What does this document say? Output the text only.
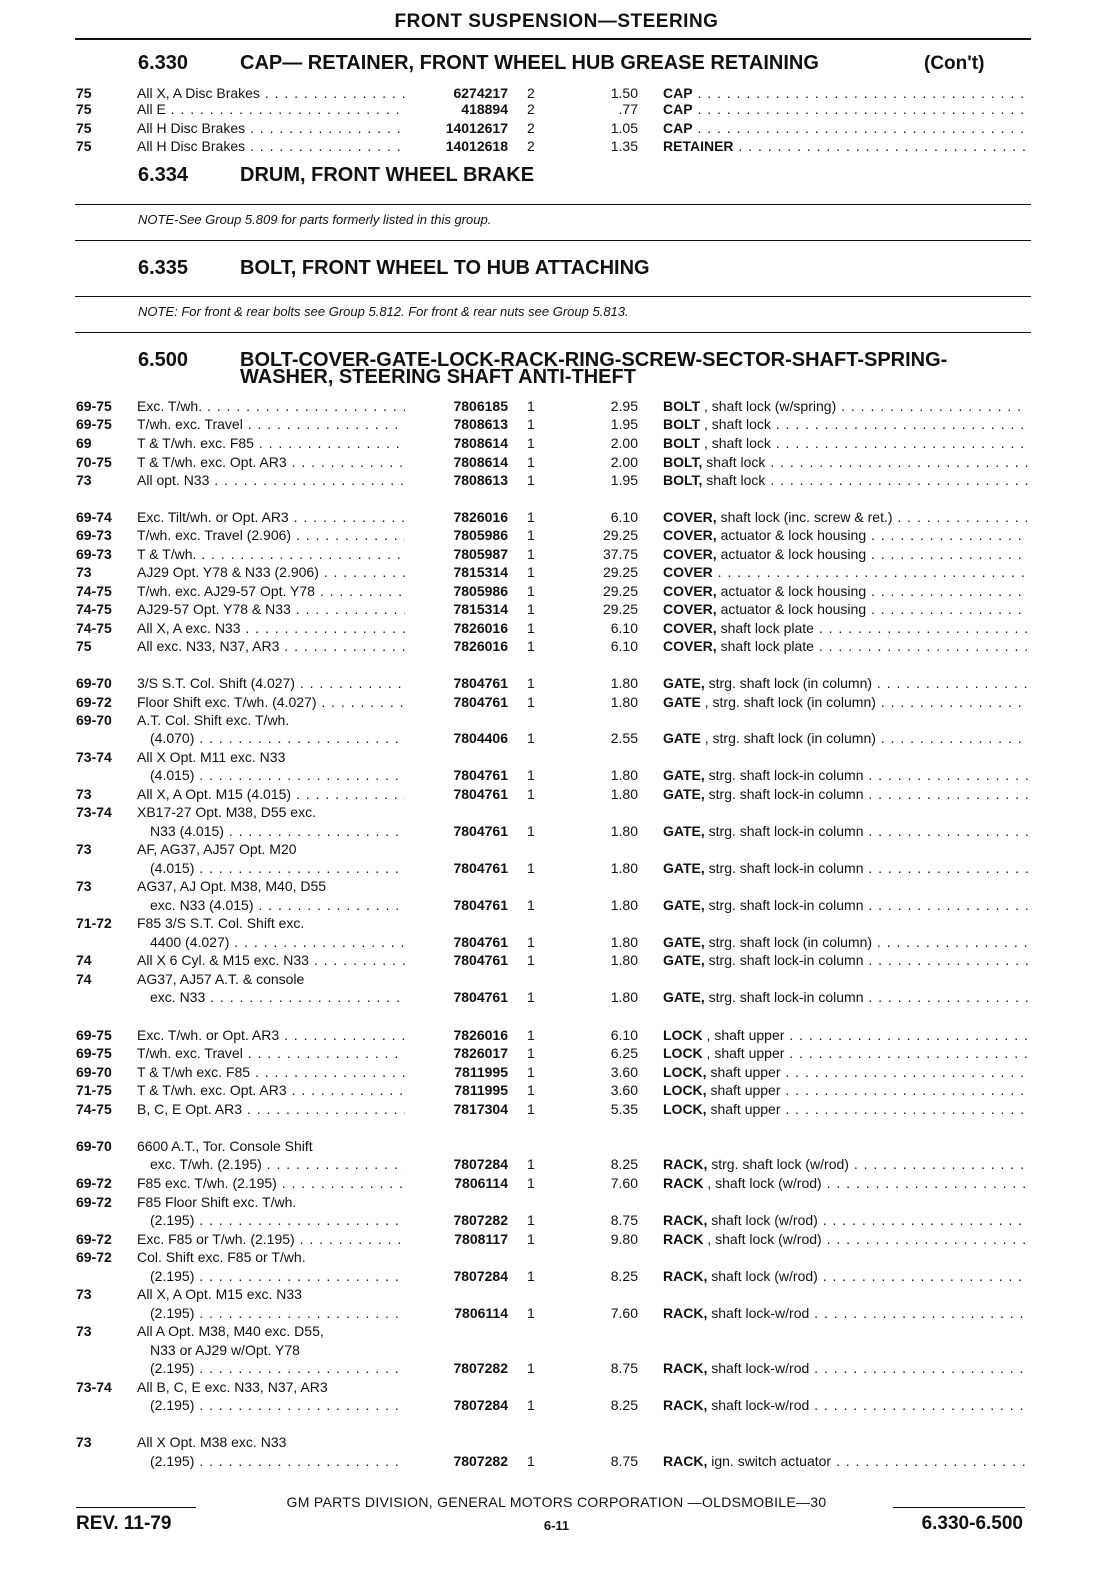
FRONT SUSPENSION—STEERING
6.330	CAP— RETAINER, FRONT WHEEL HUB GREASE RETAINING	(Con't)
75	All X, A Disc Brakes . . .	6274217 2	1.50 CAP . . .
75	All E . . .	418894 2	.77 CAP . . .
75	All H Disc Brakes . . .	14012617 2	1.05 CAP . . .
75	All H Disc Brakes . . .	14012618 2	1.35 RETAINER . . .
6.334	DRUM, FRONT WHEEL BRAKE
NOTE-See Group 5.809 for parts formerly listed in this group.
6.335	BOLT, FRONT WHEEL TO HUB ATTACHING
NOTE: For front & rear bolts see Group 5.812. For front & rear nuts see Group 5.813.
6.500	BOLT-COVER-GATE-LOCK-RACK-RING-SCREW-SECTOR-SHAFT-SPRING-
WASHER, STEERING SHAFT ANTI-THEFT
69-75 Exc. T/wh. . . .	7806185 1	2.95 BOLT , shaft lock (w/spring) . . .
69-75 T/wh. exc. Travel . . .	7808613 1	1.95 BOLT , shaft lock . . .
69	T & T/wh. exc. F85 . . .	7808614 1	2.00 BOLT , shaft lock . . .
70-75 T & T/wh. exc. Opt. AR3 . . .	7808614 1	2.00 BOLT, shaft lock . . .
73	All opt. N33 . . .	7808613 1	1.95 BOLT, shaft lock . . .
69-74 Exc. Tilt/wh. or Opt. AR3 . . .	7826016 1	6.10 COVER, shaft lock (inc. screw & ret.) . . .
69-73 T/wh. exc. Travel (2.906) . . .	7805986 1	29.25 COVER, actuator & lock housing . . .
69-73 T & T/wh. . . .	7805987 1	37.75 COVER, actuator & lock housing . . .
73	AJ29 Opt. Y78 & N33 (2.906) . . .	7815314 1	29.25 COVER . . .
74-75 T/wh. exc. AJ29-57 Opt. Y78 . . .	7805986 1	29.25 COVER, actuator & lock housing . . .
74-75 AJ29-57 Opt. Y78 & N33 . . .	7815314 1	29.25 COVER, actuator & lock housing . . .
74-75 All X, A exc. N33 . . .	7826016 1	6.10 COVER, shaft lock plate . . .
75	All exc. N33, N37, AR3 . . .	7826016 1	6.10 COVER, shaft lock plate . . .
69-70 3/S S.T. Col. Shift (4.027) . . .	7804761 1	1.80 GATE, strg. shaft lock (in column) . . .
69-72 Floor Shift exc. T/wh. (4.027) . . .	7804761 1	1.80 GATE , strg. shaft lock (in column) . . .
69-70 A.T. Col. Shift exc. T/wh.
(4.070) . . .	7804406 1	2.55 GATE , strg. shaft lock (in column) . . .
73-74 All X Opt. M11 exc. N33
(4.015) . . .	7804761 1	1.80 GATE, strg. shaft lock-in column . . .
73	All X, A Opt. M15 (4.015) . . .	7804761 1	1.80 GATE, strg. shaft lock-in column . . .
73-74 XB17-27 Opt. M38, D55 exc.
N33 (4.015) . . .	7804761 1	1.80 GATE, strg. shaft lock-in column . . .
73	AF, AG37, AJ57 Opt. M20
(4.015) . . .	7804761 1	1.80 GATE, strg. shaft lock-in column . . .
73	AG37, AJ Opt. M38, M40, D55
exc. N33 (4.015) . . .	7804761 1	1.80 GATE, strg. shaft lock-in column . . .
71-72 F85 3/S S.T. Col. Shift exc.
4400 (4.027) . . .	7804761 1	1.80 GATE, strg. shaft lock (in column) . . .
74	All X 6 Cyl. & M15 exc. N33 . . .	7804761 1	1.80 GATE, strg. shaft lock-in column . . .
74	AG37, AJ57 A.T. & console
exc. N33 . . .	7804761 1	1.80 GATE, strg. shaft lock-in column . . .
69-75 Exc. T/wh. or Opt. AR3 . . .	7826016 1	6.10 LOCK , shaft upper . . .
69-75 T/wh. exc. Travel . . .	7826017 1	6.25 LOCK , shaft upper . . .
69-70 T & T/wh exc. F85 . . .	7811995 1	3.60 LOCK, shaft upper . . .
71-75 T & T/wh. exc. Opt. AR3 . . .	7811995 1	3.60 LOCK, shaft upper . . .
74-75 B, C, E Opt. AR3 . . .	7817304 1	5.35 LOCK, shaft upper . . .
69-70 6600 A.T., Tor. Console Shift
exc. T/wh. (2.195) . . .	7807284 1	8.25 RACK, strg. shaft lock (w/rod) . . .
69-72 F85 exc. T/wh. (2.195) . . .	7806114 1	7.60 RACK , shaft lock (w/rod) . . .
69-72 F85 Floor Shift exc. T/wh.
(2.195) . . .	7807282 1	8.75 RACK, shaft lock (w/rod) . . .
69-72 Exc. F85 or T/wh. (2.195) . . .	7808117 1	9.80 RACK , shaft lock (w/rod) . . .
69-72 Col. Shift exc. F85 or T/wh.
(2.195) . . .	7807284 1	8.25 RACK, shaft lock (w/rod) . . .
73	All X, A Opt. M15 exc. N33
(2.195) . . .	7806114 1	7.60 RACK, shaft lock-w/rod . . .
73	All A Opt. M38, M40 exc. D55,
N33 or AJ29 w/Opt. Y78
(2.195) . . .	7807282 1	8.75 RACK, shaft lock-w/rod . . .
73-74 All B, C, E exc. N33, N37, AR3
(2.195) . . .	7807284 1	8.25 RACK, shaft lock-w/rod . . .
73	All X Opt. M38 exc. N33
(2.195) . . .	7807282 1	8.75 RACK, ign. switch actuator . . .
GM PARTS DIVISION, GENERAL MOTORS CORPORATION —OLDSMOBILE—30
REV. 11-79	6-11	6.330-6.500
